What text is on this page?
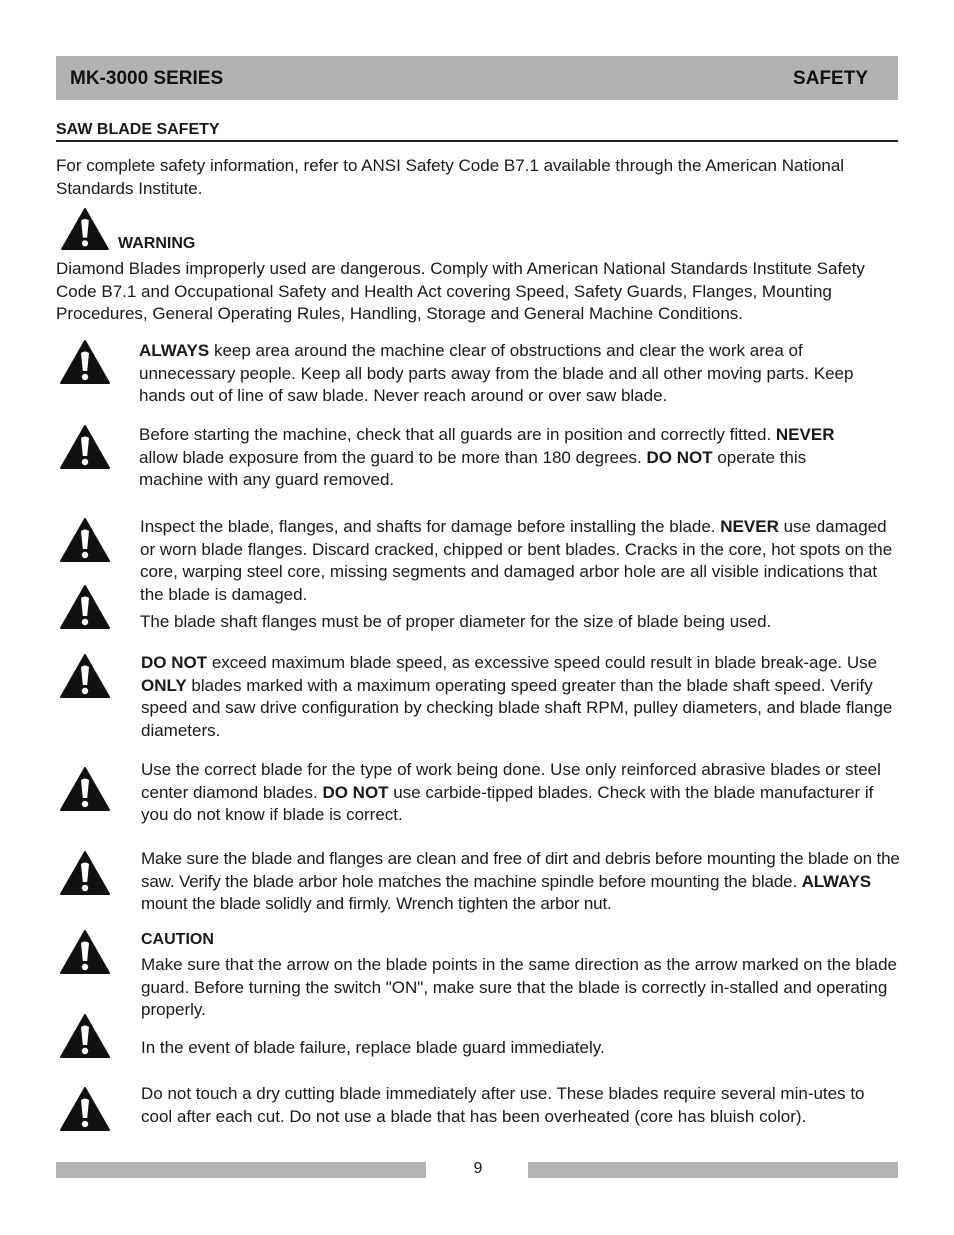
MK-3000 SERIES	SAFETY
SAW BLADE SAFETY
For complete safety information, refer to ANSI Safety Code B7.1 available through the American National Standards Institute.
WARNING
Diamond Blades improperly used are dangerous. Comply with American National Standards Institute Safety Code B7.1 and Occupational Safety and Health Act covering Speed, Safety Guards, Flanges, Mounting Procedures, General Operating Rules, Handling, Storage and General Machine Conditions.
ALWAYS keep area around the machine clear of obstructions and clear the work area of unnecessary people. Keep all body parts away from the blade and all other moving parts. Keep hands out of line of saw blade. Never reach around or over saw blade.
Before starting the machine, check that all guards are in position and correctly fitted. NEVER allow blade exposure from the guard to be more than 180 degrees. DO NOT operate this machine with any guard removed.
Inspect the blade, flanges, and shafts for damage before installing the blade. NEVER use damaged or worn blade flanges. Discard cracked, chipped or bent blades. Cracks in the core, hot spots on the core, warping steel core, missing segments and damaged arbor hole are all visible indications that the blade is damaged.
The blade shaft flanges must be of proper diameter for the size of blade being used.
DO NOT exceed maximum blade speed, as excessive speed could result in blade break-age. Use ONLY blades marked with a maximum operating speed greater than the blade shaft speed. Verify speed and saw drive configuration by checking blade shaft RPM, pulley diameters, and blade flange diameters.
Use the correct blade for the type of work being done. Use only reinforced abrasive blades or steel center diamond blades. DO NOT use carbide-tipped blades. Check with the blade manufacturer if you do not know if blade is correct.
Make sure the blade and flanges are clean and free of dirt and debris before mounting the blade on the saw. Verify the blade arbor hole matches the machine spindle before mounting the blade. ALWAYS mount the blade solidly and firmly. Wrench tighten the arbor nut.
CAUTION
Make sure that the arrow on the blade points in the same direction as the arrow marked on the blade guard. Before turning the switch "ON", make sure that the blade is correctly in-stalled and operating properly.
In the event of blade failure, replace blade guard immediately.
Do not touch a dry cutting blade immediately after use. These blades require several min-utes to cool after each cut. Do not use a blade that has been overheated (core has bluish color).
9
